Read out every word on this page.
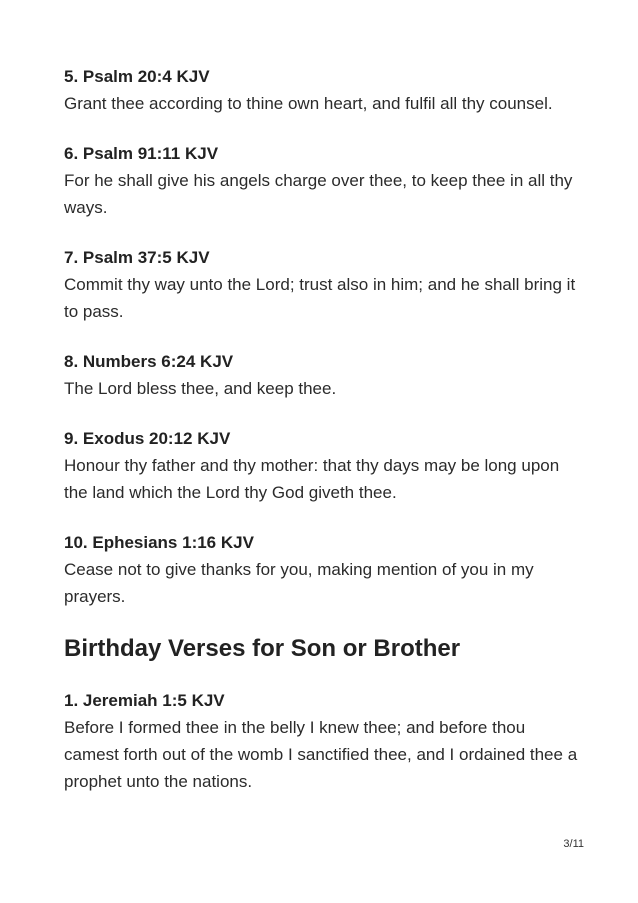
5. Psalm 20:4 KJV

Grant thee according to thine own heart, and fulfil all thy counsel.

6. Psalm 91:11 KJV

For he shall give his angels charge over thee, to keep thee in all thy ways.

7. Psalm 37:5 KJV

Commit thy way unto the Lord; trust also in him; and he shall bring it to pass.

8. Numbers 6:24 KJV

The Lord bless thee, and keep thee.

9. Exodus 20:12 KJV

Honour thy father and thy mother: that thy days may be long upon the land which the Lord thy God giveth thee.

10. Ephesians 1:16 KJV

Cease not to give thanks for you, making mention of you in my prayers.

Birthday Verses for Son or Brother

1. Jeremiah 1:5 KJV

Before I formed thee in the belly I knew thee; and before thou camest forth out of the womb I sanctified thee, and I ordained thee a prophet unto the nations.

3/11
